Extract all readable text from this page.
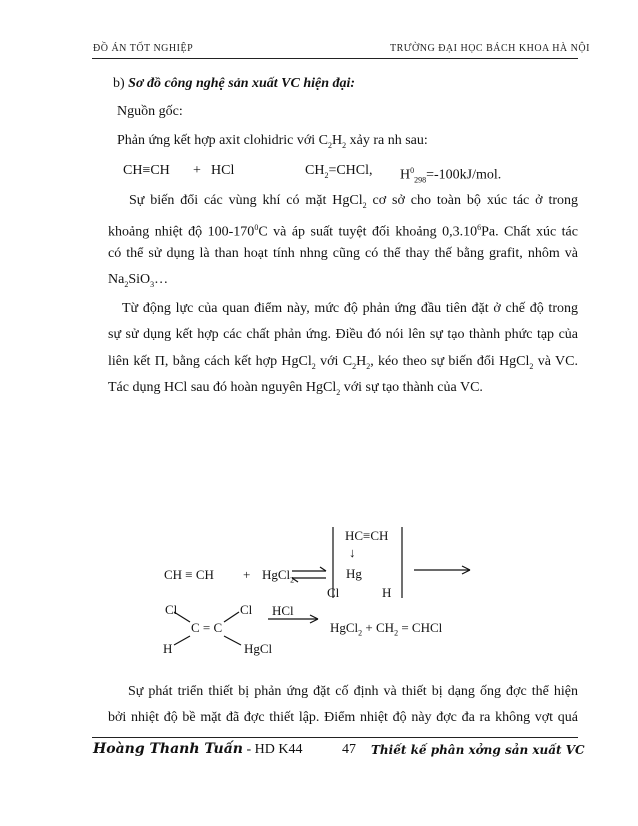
ĐỒ ÁN TỐT NGHIỆP	TRƯỜNG ĐẠI HỌC BÁCH KHOA HÀ NỘI
b) Sơ đồ công nghệ sản xuất VC hiện đại:
Nguồn gốc:
Phản ứng kết hợp axit clohidric với $C_2H_2$ xảy ra nh sau:
CH≡CH + HCl	$CH_2=CHCl$, $H^0_{298}=-100kJ$/mol.
Sự biến đổi các vùng khí có mặt HgCl$_2$ cơ sở cho toàn bộ xúc tác ở trong
khoảng nhiệt độ $100-170^0C$ và áp suất tuyệt đối khoảng 0,3.10$^6$Pa. Chất xúc tác
có thể sử dụng là than hoạt tính nhng cũng có thể thay thế bằng grafit, nhôm và
$Na_2SiO_3\dots$
Từ động lực của quan điểm này, mức độ phản ứng đầu tiên đặt ở chế độ trong
sự sử dụng kết hợp các chất phản ứng. Điều đó nói lên sự tạo thành phức tạp của
liên kết Π, bằng cách kết hợp HgCl$_2$ với $C_2H_2$, kéo theo sự biến đổi HgCl$_2$ và VC.
Tác dụng HCl sau đó hoàn nguyên HgCl$_2$ với sự tạo thành của VC.
CH ≡ CH + HgCl$_2$
HC≡CH
↓
Hg
Cl	H
Cl	Cl
C = C
H	HgCl
HCl
HgCl$_2$ + $CH_2$ = CHCl
Sự phát triển thiết bị phản ứng đặt cố định và thiết bị dạng ống đợc thể hiện
bởi nhiệt độ bề mặt đã đợc thiết lập. Điểm nhiệt độ này đợc đa ra không vợt quá
Hoàng Thanh Tuấn - HD K44	47 Thiết kế phân xởng sản xuất VC
